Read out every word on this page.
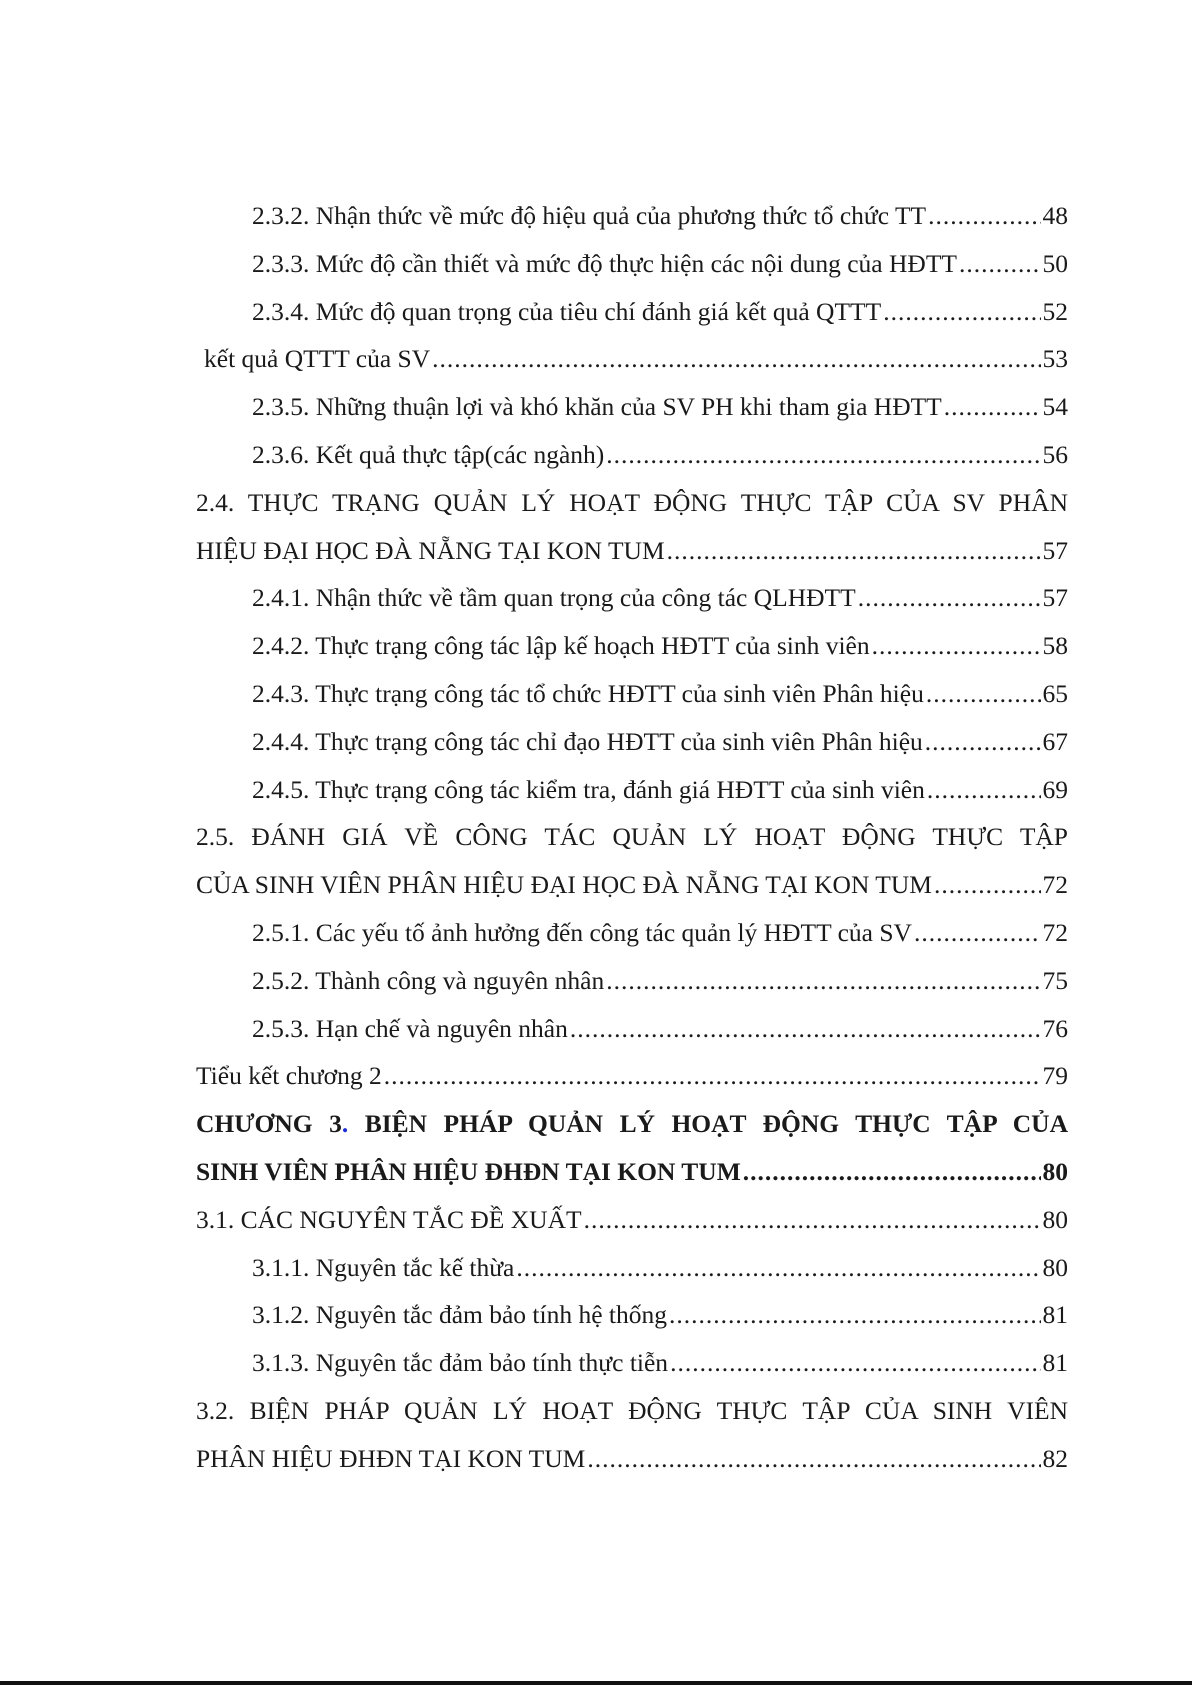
2.3.2. Nhận thức về mức độ hiệu quả của phương thức tổ chức TT .....	48
2.3.3. Mức độ cần thiết và mức độ thực hiện các nội dung của HĐTT .....	50
2.3.4. Mức độ quan trọng của tiêu chí đánh giá kết quả QTTT .....	52
kết quả QTTT của SV .....	53
2.3.5. Những thuận lợi và khó khăn của SV PH khi tham gia HĐTT .....	54
2.3.6. Kết quả thực tập(các ngành) .....	56
2.4. THỰC TRẠNG QUẢN LÝ HOẠT ĐỘNG THỰC TẬP CỦA SV PHÂN
HIỆU ĐẠI HỌC ĐÀ NẴNG TẠI KON TUM .....	57
2.4.1. Nhận thức về tầm quan trọng của công tác QLHĐTT .....	57
2.4.2. Thực trạng công tác lập kế hoạch HĐTT của sinh viên .....	58
2.4.3. Thực trạng công tác tổ chức HĐTT của sinh viên Phân hiệu .....	65
2.4.4. Thực trạng công tác chỉ đạo HĐTT của sinh viên Phân hiệu .....	67
2.4.5. Thực trạng công tác kiểm tra, đánh giá HĐTT của sinh viên .....	69
2.5. ĐÁNH GIÁ VỀ CÔNG TÁC QUẢN LÝ HOẠT ĐỘNG THỰC TẬP
CỦA SINH VIÊN PHÂN HIỆU ĐẠI HỌC ĐÀ NẴNG TẠI KON TUM .....	72
2.5.1. Các yếu tố ảnh hưởng đến công tác quản lý HĐTT của SV .....	72
2.5.2. Thành công và nguyên nhân .....	75
2.5.3. Hạn chế và nguyên nhân .....	76
Tiểu kết chương 2 .....	79
CHƯƠNG 3. BIỆN PHÁP QUẢN LÝ HOẠT ĐỘNG THỰC TẬP CỦA
SINH VIÊN PHÂN HIỆU ĐHĐN TẠI KON TUM .....	80
3.1. CÁC NGUYÊN TẮC ĐỀ XUẤT .....	80
3.1.1. Nguyên tắc kế thừa .....	80
3.1.2. Nguyên tắc đảm bảo tính hệ thống .....	81
3.1.3. Nguyên tắc đảm bảo tính thực tiễn .....	81
3.2. BIỆN PHÁP QUẢN LÝ HOẠT ĐỘNG THỰC TẬP CỦA SINH VIÊN
PHÂN HIỆU ĐHĐN TẠI KON TUM .....	82
